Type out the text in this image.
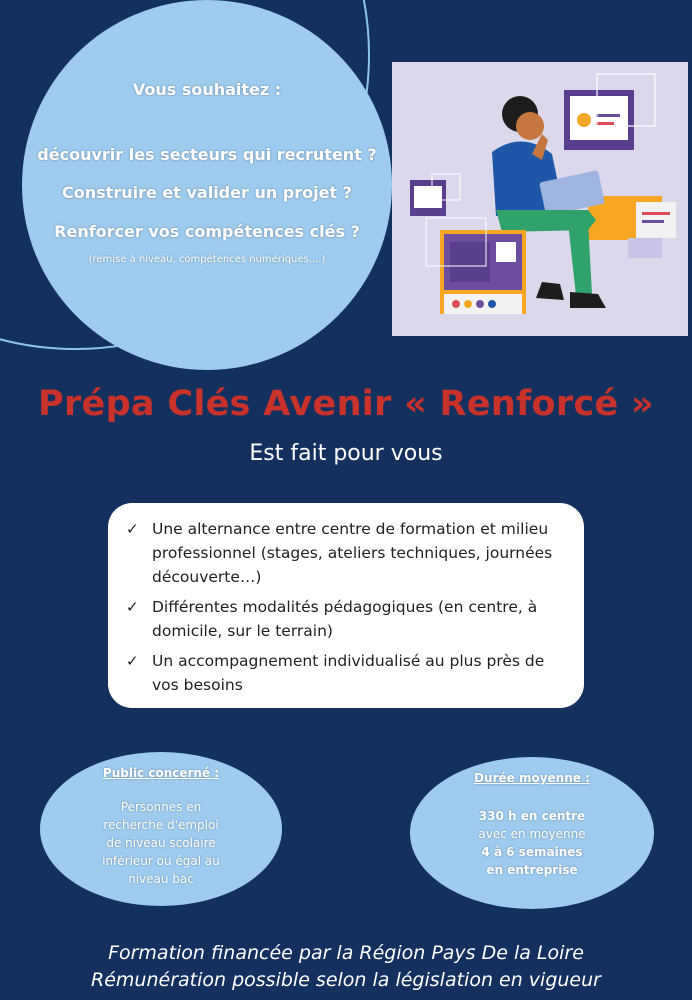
Vous souhaitez :
découvrir les secteurs qui recrutent ?
Construire et valider un projet ?
Renforcer vos compétences clés ?
(remise à niveau, compétences numériques,...)
Prépa Clés Avenir « Renforcé »
Est fait pour vous
✓ Une alternance entre centre de formation et milieu professionnel (stages, ateliers techniques, journées découverte…)
✓ Différentes modalités pédagogiques (en centre, à domicile, sur le terrain)
✓ Un accompagnement individualisé au plus près de vos besoins
Public concerné :
Personnes en
recherche d'emploi
de niveau scolaire
inférieur ou égal au
niveau bac
Durée moyenne :
330 h en centre
avec en moyenne
4 à 6 semaines
en entreprise
Formation financée par la Région Pays De la Loire
Rémunération possible selon la législation en vigueur
